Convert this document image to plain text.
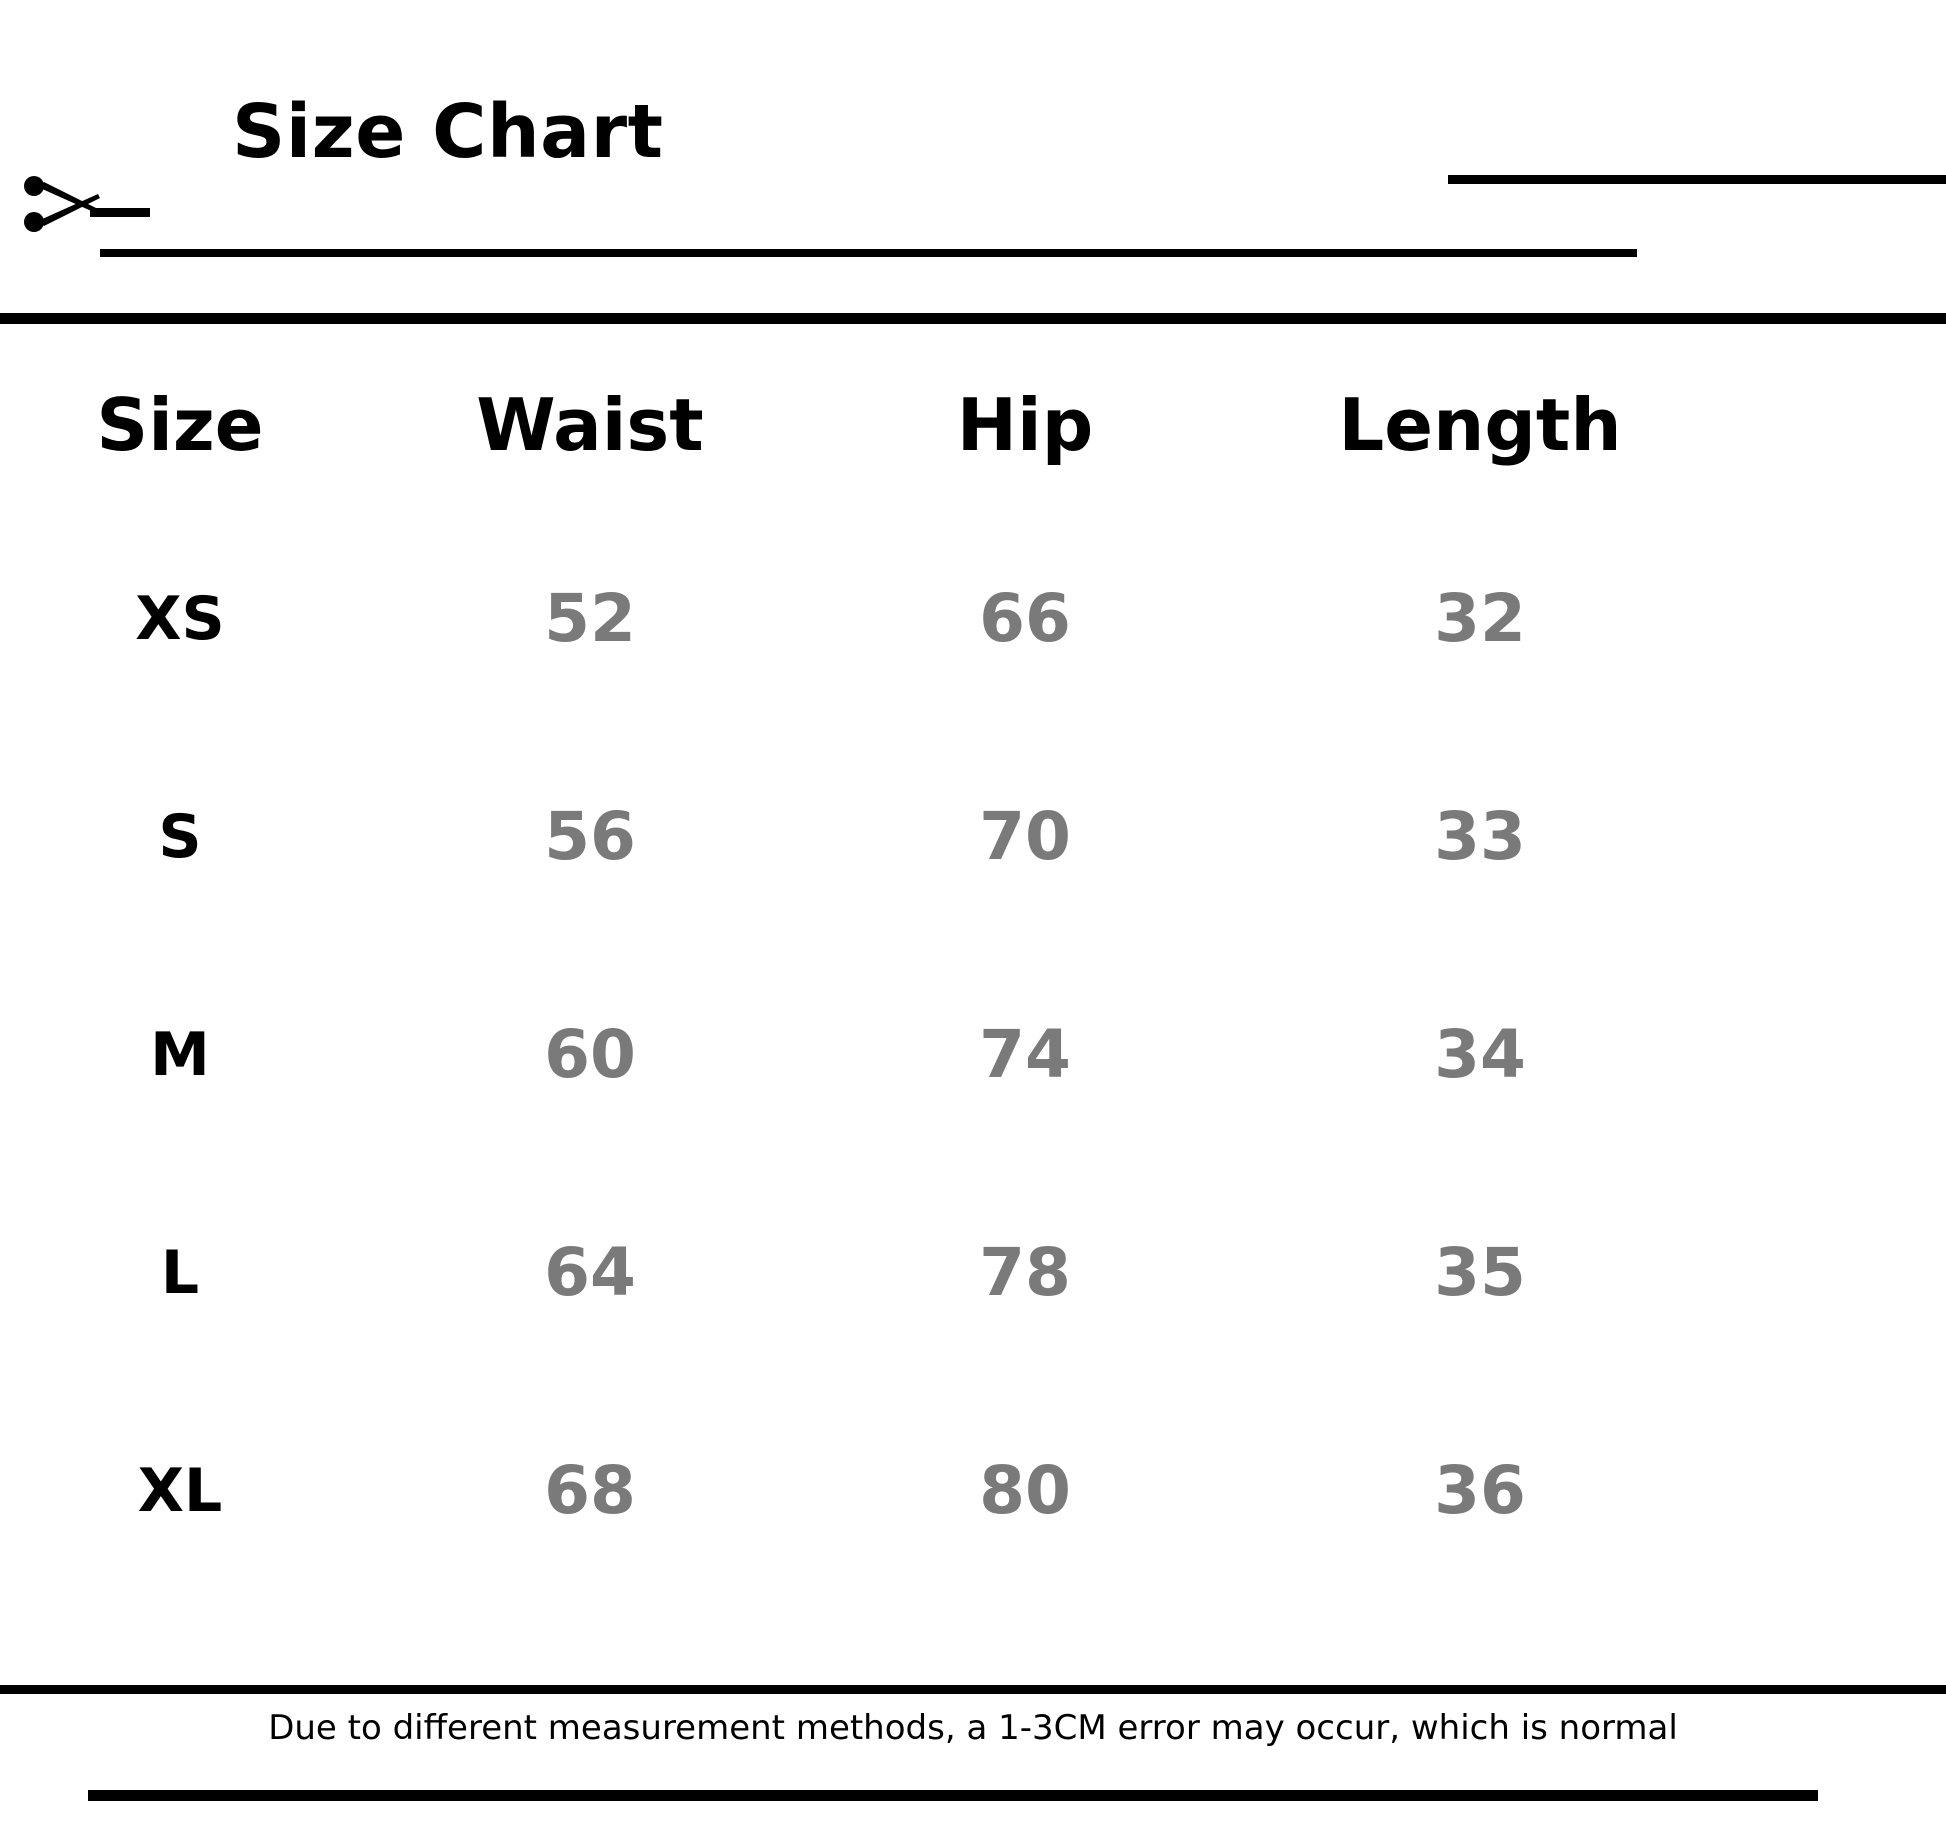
Size Chart
Size	Waist	Hip	Length
XS	52	66	32
S	56	70	33
M	60	74	34
L	64	78	35
XL	68	80	36
Due to different measurement methods, a 1-3CM error may occur, which is normal
